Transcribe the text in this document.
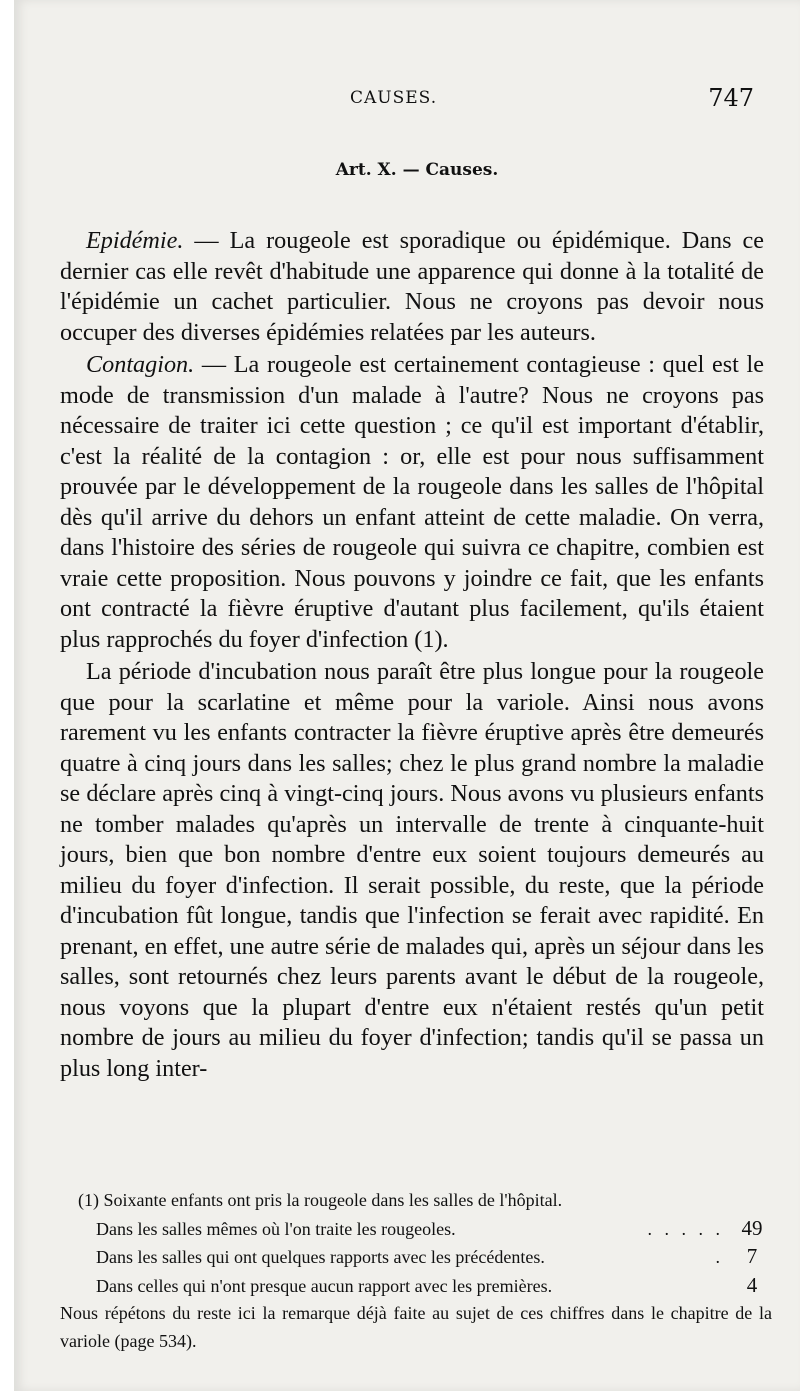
CAUSES.	747
Art. X. — Causes.

Epidémie. — La rougeole est sporadique ou épidémique. Dans ce dernier cas elle revêt d'habitude une apparence qui donne à la totalité de l'épidémie un cachet particulier. Nous ne croyons pas devoir nous occuper des diverses épidémies relatées par les auteurs.

Contagion. — La rougeole est certainement contagieuse : quel est le mode de transmission d'un malade à l'autre? Nous ne croyons pas nécessaire de traiter ici cette question ; ce qu'il est important d'établir, c'est la réalité de la contagion : or, elle est pour nous suffisamment prouvée par le développement de la rougeole dans les salles de l'hôpital dès qu'il arrive du dehors un enfant atteint de cette maladie. On verra, dans l'histoire des séries de rougeole qui suivra ce chapitre, combien est vraie cette proposition. Nous pouvons y joindre ce fait, que les enfants ont contracté la fièvre éruptive d'autant plus facilement, qu'ils étaient plus rapprochés du foyer d'infection (1).

La période d'incubation nous paraît être plus longue pour la rougeole que pour la scarlatine et même pour la variole. Ainsi nous avons rarement vu les enfants contracter la fièvre éruptive après être demeurés quatre à cinq jours dans les salles; chez le plus grand nombre la maladie se déclare après cinq à vingt-cinq jours. Nous avons vu plusieurs enfants ne tomber malades qu'après un intervalle de trente à cinquante-huit jours, bien que bon nombre d'entre eux soient toujours demeurés au milieu du foyer d'infection. Il serait possible, du reste, que la période d'incubation fût longue, tandis que l'infection se ferait avec rapidité. En prenant, en effet, une autre série de malades qui, après un séjour dans les salles, sont retournés chez leurs parents avant le début de la rougeole, nous voyons que la plupart d'entre eux n'étaient restés qu'un petit nombre de jours au milieu du foyer d'infection; tandis qu'il se passa un plus long inter-

(1) Soixante enfants ont pris la rougeole dans les salles de l'hôpital.

Dans les salles mêmes où l'on traite les rougeoles.	. . . . . 49
Dans les salles qui ont quelques rapports avec les précédentes.	.	7
Dans celles qui n'ont presque aucun rapport avec les premières.	4

Nous répétons du reste ici la remarque déjà faite au sujet de ces chiffres dans le chapitre de la variole (page 534).
